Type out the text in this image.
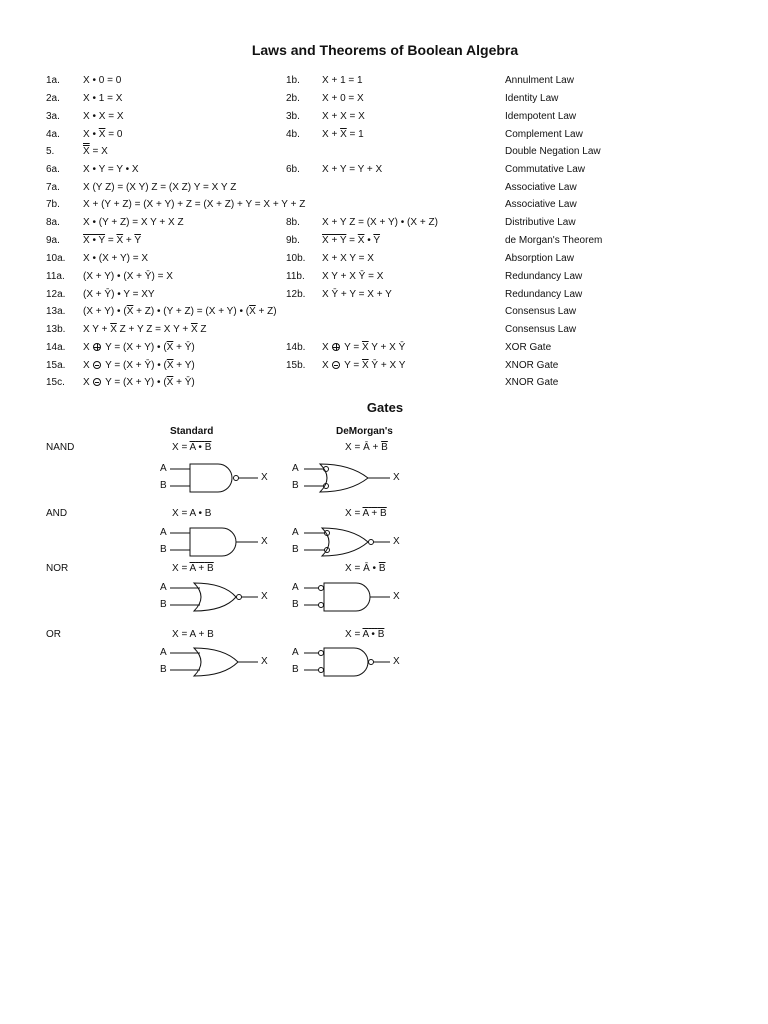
Laws and Theorems of Boolean Algebra
1a. X • 0 = 0	1b. X + 1 = 1	Annulment Law
2a. X • 1 = X	2b. X + 0 = X	Identity Law
3a. X • X = X	3b. X + X = X	Idempotent Law
4a. X • $\overline{X} = 0$	4b. $X + \overline{X} = 1$	Complement Law
5.	X = X	Double Negation Law
6a. X • Y = Y • X	6b. X + Y = Y + X	Commutative Law
7a. X (Y Z) = (X Y) Z = (X Z) Y = X Y Z	Associative Law
7b. X + (Y + Z) = (X + Y) + Z = (X + Z) + Y = X + Y + Z	Associative Law
8a. X • (Y + Z) = X Y + X Z	8b. X + Y Z = (X + Y) • (X + Z)	Distributive Law
9a. X • $Y = \overline{X} + \overline{Y}$	9b. $X + Y = \overline{X}$ • $\overline{Y}$	de Morgan's Theorem
10a. X • (X + Y) = X	10b. X + X Y = X	Absorption Law
11a. (X + Y) • (X + Ȳ) = X	11b. X Y + X Ȳ = X	Redundancy Law
12a. (X + Ȳ) • Y = XY	12b. X Ȳ + Y = X + Y	Redundancy Law
13a. (X + Y) • $(\overline{X} + Z)$ • (Y + Z) = (X + Y) • $(\overline{X} + Z)$	Consensus Law
13b. X $Y + \overline{X}$ Z + Y Z = X $Y + \overline{X}$ Z	Consensus Law
14a. X Y = (X + Y) • ($\overline{X}$ + Ȳ)	14b. X $Y = \overline{X}$ Y + X Ȳ	XOR Gate
15a. X Y = (X + Ȳ) • $(\overline{X} + Y)$	15b. X $Y = \overline{X}$ Ȳ + X Y	XNOR Gate
15c. X Y = (X + Y) • ($\overline{X}$ + Ȳ)	XNOR Gate
Gates
Standard	DeMorgan's
NAND	X = A • B	X = Ā + $\overline{B}$
AND	X = A • B	X = A + B
NOR	X = A + B	X = Ā • $\overline{B}$
OR	X = A + B	X = A • B
A
B
A
B
X	X
A
B
A
B
X	X
A
B
A
B
X	X
A
B
A
B
X	X
